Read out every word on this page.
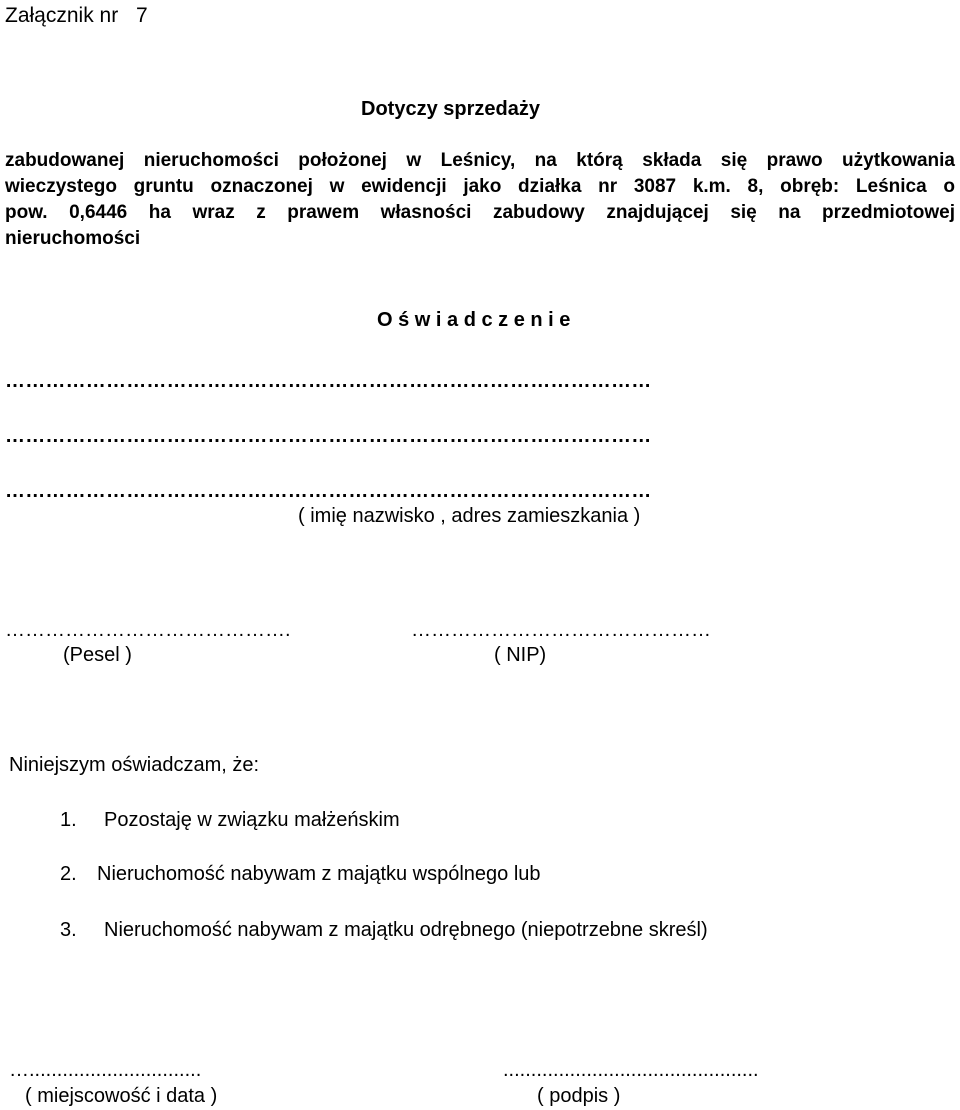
Załącznik nr 7
Dotyczy sprzedaży
zabudowanej nieruchomości położonej w Leśnicy, na którą składa się prawo użytkowania
wieczystego gruntu oznaczonej w ewidencji jako działka nr 3087 k.m. 8, obręb: Leśnica o
pow. 0,6446 ha wraz z prawem własności zabudowy znajdującej się na przedmiotowej
nieruchomości
O ś w i a d c z e n i e
……………………………………………………………………………………
……………………………………………………………………………………
……………………………………………………………………………………
( imię nazwisko , adres zamieszkania )
…………………………………….
(Pesel )
………………………………………
( NIP)
Niniejszym oświadczam, że:
1. Pozostaję w związku małżeńskim
2. Nieruchomość nabywam z majątku wspólnego lub
3. Nieruchomość nabywam z majątku odrębnego (niepotrzebne skreśl)
…...............................
( miejscowość i data )
..............................................
( podpis )
